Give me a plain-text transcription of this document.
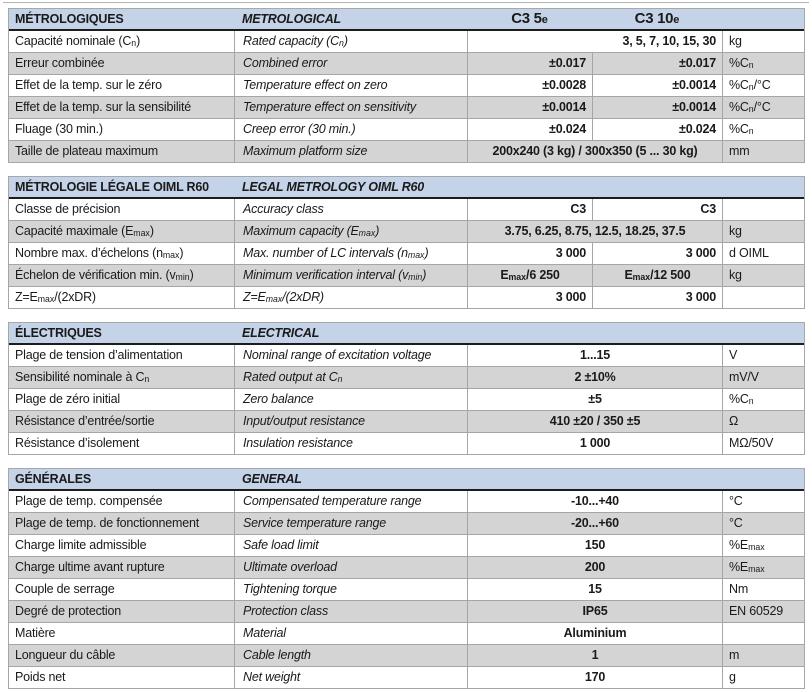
MÉTROLOGIQUES	METROLOGICAL	C3 5e	C3 10e
Capacité nominale $(C_n)$	Rated capacity $(C_n)$	3, 5, 7, 10, 15, 30	kg
Erreur combinée	Combined error	±0.017	±0.017	$\%C_n$
Effet de la temp. sur le zéro	Temperature effect on zero	±0.0028	±0.0014	$\%C_n/^\circ C$
Effet de la temp. sur la sensibilité	Temperature effect on sensitivity	±0.0014	±0.0014	$\%C_n/^\circ C$
Fluage (30 min.)	Creep error (30 min.)	±0.024	±0.024	$\%C_n$
Taille de plateau maximum	Maximum platform size	200x240 (3 kg) / 300x350 (5 ... 30 kg)	mm
MÉTROLOGIE LÉGALE OIML R60	LEGAL METROLOGY OIML R60
Classe de précision	Accuracy class	C3	C3
Capacité maximale $(E_{max})$	Maximum capacity $(E_{max})$	3.75, 6.25, 8.75, 12.5, 18.25, 37.5	kg
Nombre max. d’échelons $(n_{max})$	Max. number of LC intervals $(n_{max})$	3 000	3 000	d OIML
Échelon de vérification min. $(v_{min})$	Minimum verification interval $(v_{min})$	$E_{max}/6$ 250	$E_{max}/12$ 500	kg
$Z=E_{max}/(2xDR)$	$Z=E_{max}/(2xDR)$	3 000	3 000
ÉLECTRIQUES	ELECTRICAL
Plage de tension d’alimentation	Nominal range of excitation voltage	1...15	V
Sensibilité nominale à $C_n$	Rated output at $C_n$	2 ±10%	mV/V
Plage de zéro initial	Zero balance	±5	$\%C_n$
Résistance d’entrée/sortie	Input/output resistance	410 ±20 / 350 ±5	Ω
Résistance d’isolement	Insulation resistance	1 000	MΩ/50V
GÉNÉRALES	GENERAL
Plage de temp. compensée	Compensated temperature range	-10...+40	°C
Plage de temp. de fonctionnement	Service temperature range	-20...+60	°C
Charge limite admissible	Safe load limit	150	$\%E_{max}$
Charge ultime avant rupture	Ultimate overload	200	$\%E_{max}$
Couple de serrage	Tightening torque	15	Nm
Degré de protection	Protection class	IP65	EN 60529
Matière	Material	Aluminium
Longueur du câble	Cable length	1	m
Poids net	Net weight	170	g
